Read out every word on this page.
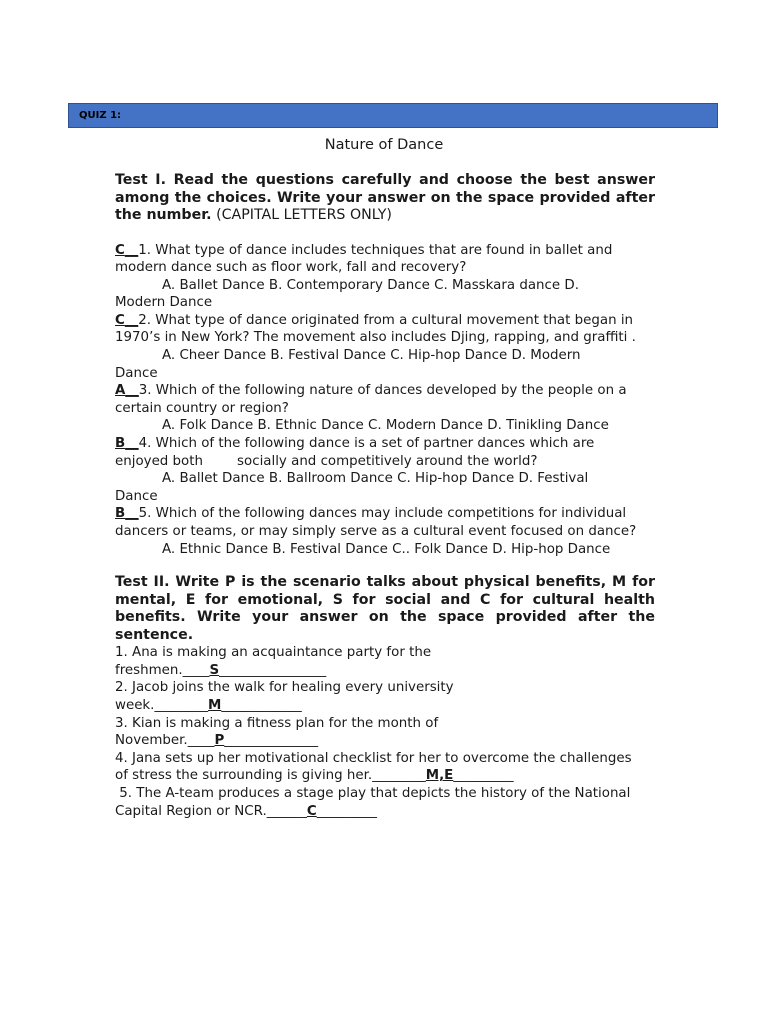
QUIZ 1:
Nature of Dance
Test I. Read the questions carefully and choose the best answer among the choices. Write your answer on the space provided after the number. (CAPITAL LETTERS ONLY)
C__1. What type of dance includes techniques that are found in ballet and
modern dance such as floor work, fall and recovery?
A. Ballet Dance B. Contemporary Dance C. Masskara dance D.
Modern Dance
C__2. What type of dance originated from a cultural movement that began in
1970’s in New York? The movement also includes Djing, rapping, and graffiti .
A. Cheer Dance B. Festival Dance C. Hip-hop Dance D. Modern
Dance
A__3. Which of the following nature of dances developed by the people on a
certain country or region?
A. Folk Dance B. Ethnic Dance C. Modern Dance D. Tinikling Dance
B__4. Which of the following dance is a set of partner dances which are
enjoyed both        socially and competitively around the world?
A. Ballet Dance B. Ballroom Dance C. Hip-hop Dance D. Festival
Dance
B__5. Which of the following dances may include competitions for individual
dancers or teams, or may simply serve as a cultural event focused on dance?
A. Ethnic Dance B. Festival Dance C.. Folk Dance D. Hip-hop Dance
Test II. Write P is the scenario talks about physical benefits, M for mental, E for emotional, S for social and C for cultural health benefits. Write your answer on the space provided after the sentence.
1. Ana is making an acquaintance party for the
freshmen.____S________________
2. Jacob joins the walk for healing every university
week.________M____________
3. Kian is making a fitness plan for the month of
November.____P______________
4. Jana sets up her motivational checklist for her to overcome the challenges
of stress the surrounding is giving her.________M,E_________
5. The A-team produces a stage play that depicts the history of the National
Capital Region or NCR.______C_________
